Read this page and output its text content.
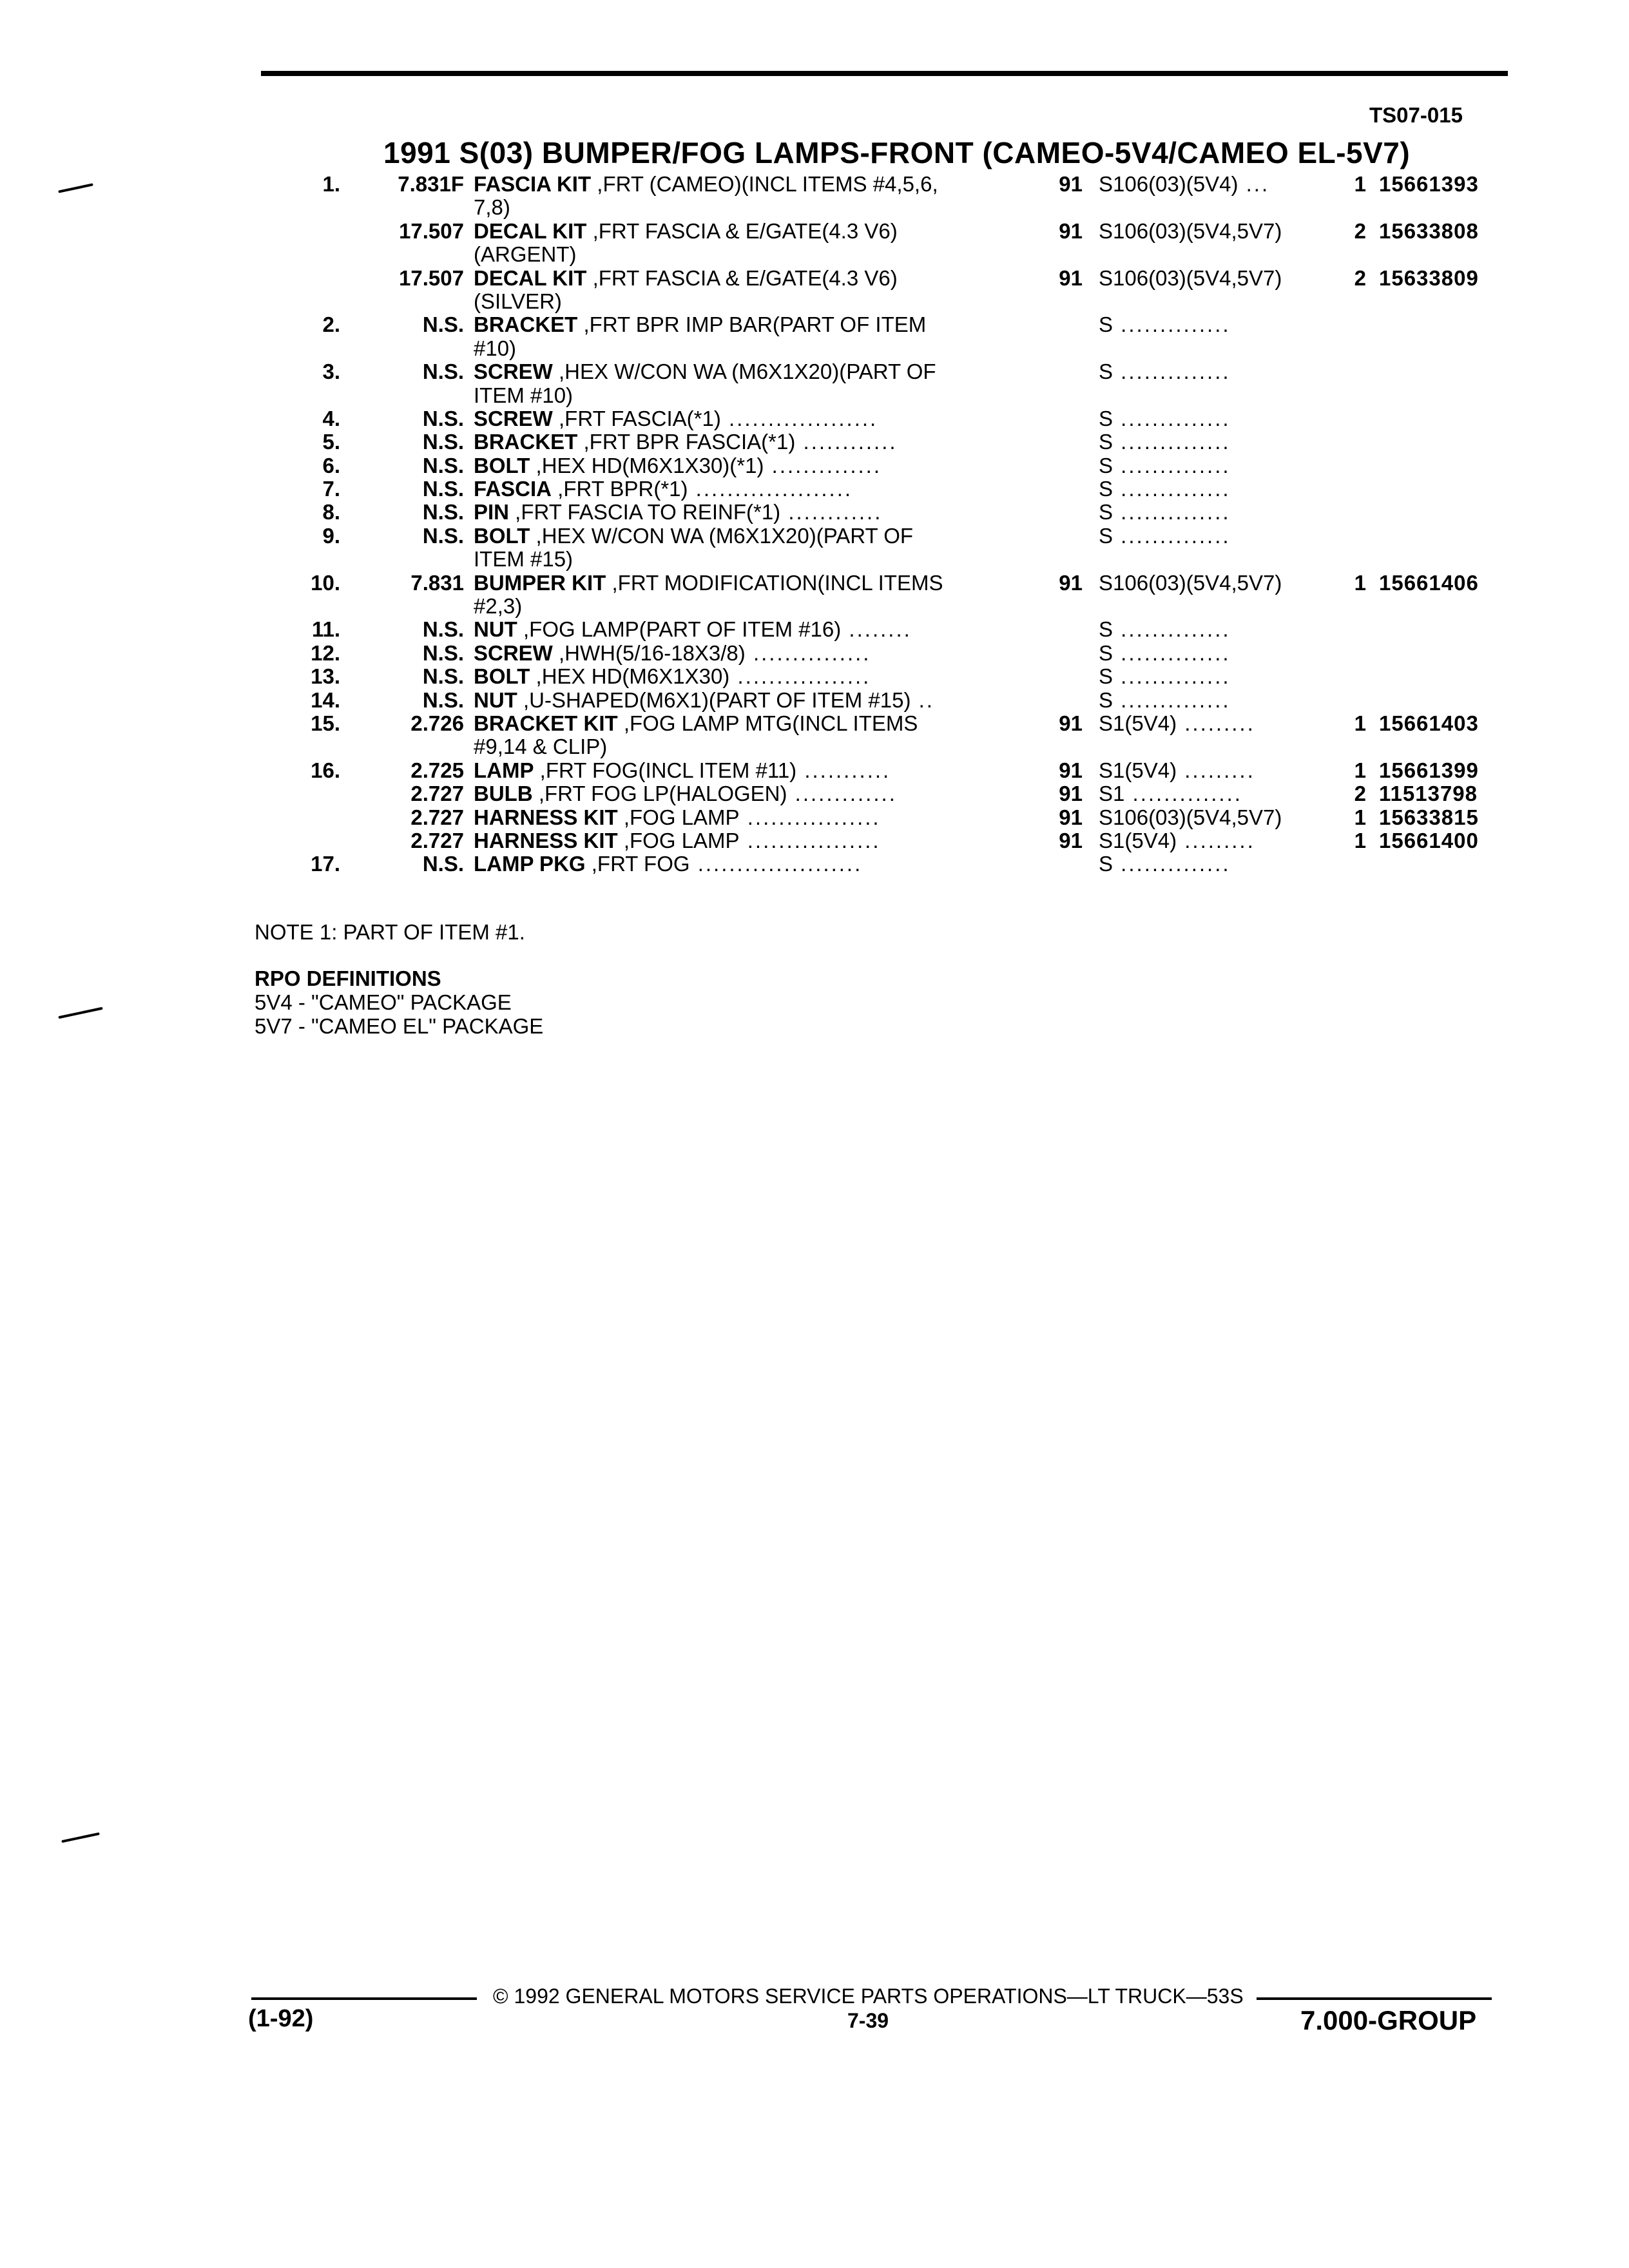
TS07-015
1991 S(03) BUMPER/FOG LAMPS-FRONT (CAMEO-5V4/CAMEO EL-5V7)
1.	7.831F FASCIA KIT ,FRT (CAMEO)(INCL ITEMS #4,5,6,	91 S106(03)(5V4) ...	1 15661393
7,8)
17.507 DECAL KIT ,FRT FASCIA & E/GATE(4.3 V6)	91 S106(03)(5V4,5V7)	2 15633808
(ARGENT)
17.507 DECAL KIT ,FRT FASCIA & E/GATE(4.3 V6)	91 S106(03)(5V4,5V7)	2 15633809
(SILVER)
2.	N.S. BRACKET ,FRT BPR IMP BAR(PART OF ITEM	S ..............
#10)
3.	N.S. SCREW ,HEX W/CON WA (M6X1X20)(PART OF	S ..............
ITEM #10)
4.	N.S. SCREW ,FRT FASCIA(*1) ...................	S ..............
5.	N.S. BRACKET ,FRT BPR FASCIA(*1) ............	S ..............
6.	N.S. BOLT ,HEX HD(M6X1X30)(*1) ..............	S ..............
7.	N.S. FASCIA ,FRT BPR(*1) ....................	S ..............
8.	N.S. PIN ,FRT FASCIA TO REINF(*1) ............	S ..............
9.	N.S. BOLT ,HEX W/CON WA (M6X1X20)(PART OF	S ..............
ITEM #15)
10.	7.831 BUMPER KIT ,FRT MODIFICATION(INCL ITEMS	91 S106(03)(5V4,5V7)	1 15661406
#2,3)
11.	N.S. NUT ,FOG LAMP(PART OF ITEM #16) ........	S ..............
12.	N.S. SCREW ,HWH(5/16-18X3/8) ...............	S ..............
13.	N.S. BOLT ,HEX HD(M6X1X30) .................	S ..............
14.	N.S. NUT ,U-SHAPED(M6X1)(PART OF ITEM #15) ..	S ..............
15.	2.726 BRACKET KIT ,FOG LAMP MTG(INCL ITEMS	91 S1(5V4) .........	1 15661403
#9,14 & CLIP)
16.	2.725 LAMP ,FRT FOG(INCL ITEM #11) ...........	91 S1(5V4) .........	1 15661399
2.727 BULB ,FRT FOG LP(HALOGEN) .............	91 S1 ..............	2 11513798
2.727 HARNESS KIT ,FOG LAMP .................	91 S106(03)(5V4,5V7)	1 15633815
2.727 HARNESS KIT ,FOG LAMP .................	91 S1(5V4) .........	1 15661400
17.	N.S. LAMP PKG ,FRT FOG .....................	S ..............
NOTE 1: PART OF ITEM #1.
RPO DEFINITIONS
5V4 - "CAMEO" PACKAGE
5V7 - "CAMEO EL" PACKAGE
© 1992 GENERAL MOTORS SERVICE PARTS OPERATIONS—LT TRUCK—53S
(1-92)	7-39	7.000-GROUP
